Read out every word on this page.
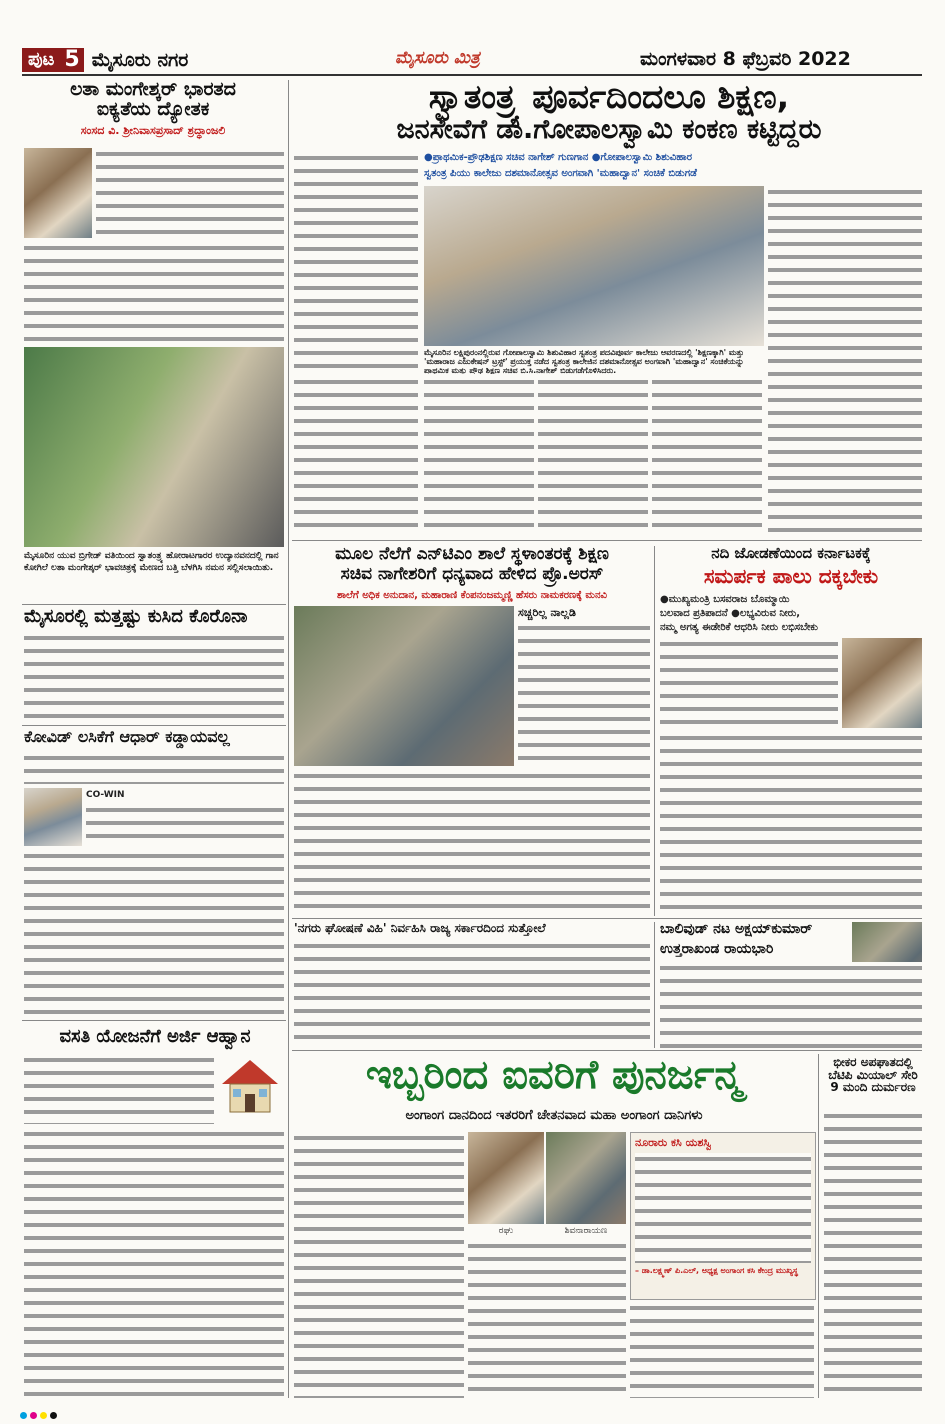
ಪುಟ 5 ಮೈಸೂರು ನಗರ	ಮೈಸೂರು ಮಿತ್ರ	ಮಂಗಳವಾರ 8 ಫೆಬ್ರವರಿ 2022
ಲತಾ ಮಂಗೇಶ್ಕರ್ ಭಾರತದ
ಐಕ್ಯತೆಯ ದ್ಯೋತಕ
ಸಂಸದ ವಿ. ಶ್ರೀನಿವಾಸಪ್ರಸಾದ್ ಶ್ರದ್ಧಾಂಜಲಿ
ಮೈಸೂರಿನ ಯುವ ಬ್ರಿಗೇಡ್ ವತಿಯಿಂದ ಸ್ವಾತಂತ್ರ್ಯ ಹೋರಾಟಗಾರರ ಉದ್ಯಾನವನದಲ್ಲಿ ಗಾನ ಕೋಗಿಲೆ ಲತಾ ಮಂಗೇಶ್ಕರ್ ಭಾವಚಿತ್ರಕ್ಕೆ ಮೇಣದ ಬತ್ತಿ ಬೆಳಗಿಸಿ ನಮನ ಸಲ್ಲಿಸಲಾಯಿತು.
ಮೈಸೂರಲ್ಲಿ ಮತ್ತಷ್ಟು ಕುಸಿದ ಕೊರೊನಾ
ಕೋವಿಡ್ ಲಸಿಕೆಗೆ ಆಧಾರ್ ಕಡ್ಡಾಯವಲ್ಲ
CO-WIN
ವಸತಿ ಯೋಜನೆಗೆ ಅರ್ಜಿ ಆಹ್ವಾನ
ಸ್ವಾತಂತ್ರ್ಯ ಪೂರ್ವದಿಂದಲೂ ಶಿಕ್ಷಣ,
ಜನಸೇವೆಗೆ ಡಾ.ಗೋಪಾಲಸ್ವಾಮಿ ಕಂಕಣ ಕಟ್ಟಿದ್ದರು
●ಪ್ರಾಥಮಿಕ-ಪ್ರೌಢಶಿಕ್ಷಣ ಸಚಿವ ನಾಗೇಶ್ ಗುಣಗಾನ ●ಗೋಪಾಲಸ್ವಾಮಿ ಶಿಶುವಿಹಾರ
ಸ್ವತಂತ್ರ ಪಿಯು ಕಾಲೇಜು ದಶಮಾನೋತ್ಸವ ಅಂಗವಾಗಿ 'ಮಹಾದ್ವಾನ' ಸಂಚಿಕೆ ಬಿಡುಗಡೆ
ಮೈಸೂರಿನ ಲಕ್ಷ್ಮಿಪುರಂನಲ್ಲಿರುವ ಗೋಪಾಲಸ್ವಾಮಿ ಶಿಶುವಿಹಾರ ಸ್ವತಂತ್ರ ಪದವಿಪೂರ್ವ ಕಾಲೇಜು ಆವರಣದಲ್ಲಿ 'ಶಿಕ್ಷಣಕ್ಕಾಗಿ' ಮತ್ತು 'ಮಹಾರಾಜ ಎಜುಕೇಷನ್ ಟ್ರಸ್ಟ್' ಪ್ರಯುಕ್ತ ನಡೆದ ಸ್ವತಂತ್ರ ಕಾಲೇಜಿನ ದಶಮಾನೋತ್ಸವ ಅಂಗವಾಗಿ 'ಮಹಾದ್ವಾನ' ಸಂಚಿಕೆಯನ್ನು ಪ್ರಾಥಮಿಕ ಮತ್ತು ಪ್ರೌಢ ಶಿಕ್ಷಣ ಸಚಿವ ಬಿ.ಸಿ.ನಾಗೇಶ್ ಬಿಡುಗಡೆಗೊಳಿಸಿದರು.
ಮೂಲ ನೆಲೆಗೆ ಎನ್‌ಟಿಎಂ ಶಾಲೆ ಸ್ಥಳಾಂತರಕ್ಕೆ ಶಿಕ್ಷಣ
ಸಚಿವ ನಾಗೇಶರಿಗೆ ಧನ್ಯವಾದ ಹೇಳಿದ ಪ್ರೊ.ಅರಸ್
ಶಾಲೆಗೆ ಅಧಿಕ ಅನುದಾನ, ಮಹಾರಾಣಿ ಕೆಂಪನಂಜಮ್ಮಣ್ಣಿ ಹೆಸರು ನಾಮಕರಣಕ್ಕೆ ಮನವಿ
ಸಚ್ಚರಿಲ್ಲ ನಾಲ್ಲಡಿ
ನದಿ ಜೋಡಣೆಯಿಂದ ಕರ್ನಾಟಕಕ್ಕೆ
ಸಮರ್ಪಕ ಪಾಲು ದಕ್ಕಬೇಕು
●ಮುಖ್ಯಮಂತ್ರಿ ಬಸವರಾಜ ಬೊಮ್ಮಾಯಿ
ಬಲವಾದ ಪ್ರತಿಪಾದನೆ ●ಲಭ್ಯವಿರುವ ನೀರು,
ನಮ್ಮ ಅಗತ್ಯ ಈಡೇರಿಕೆ ಆಧರಿಸಿ ನೀರು ಲಭಿಸಬೇಕು
'ನಗರು ಘೋಷಣೆ ವಿಹಿ' ನಿರ್ವಹಿಸಿ ರಾಜ್ಯ ಸರ್ಕಾರದಿಂದ ಸುತ್ತೋಲೆ	ಬಾಲಿವುಡ್ ನಟ ಅಕ್ಷಯ್‌ಕುಮಾರ್
ಉತ್ತರಾಖಂಡ ರಾಯಭಾರಿ
ಇಬ್ಬರಿಂದ ಐವರಿಗೆ ಪುನರ್ಜನ್ಮ
ಅಂಗಾಂಗ ದಾನದಿಂದ ಇತರರಿಗೆ ಚೇತನವಾದ ಮಹಾ ಅಂಗಾಂಗ ದಾನಿಗಳು
ರಘು	ಶಿವನಾರಾಯಣ
ನೂರಾರು ಕಸಿ ಯಶಸ್ವಿ
– ಡಾ.ಲಕ್ಷ್ಮಣ್ ಪಿ.ಎಲ್, ಅಧ್ಯಕ್ಷ ಅಂಗಾಂಗ ಕಸಿ ಕೇಂದ್ರ ಮುಖ್ಯಸ್ಥ
ಭೀಕರ ಅಪಘಾತದಲ್ಲಿ ಬೆಟಿಪಿ ಮಿಯಾಲ್ ಸೇರಿ 9 ಮಂದಿ ದುರ್ಮರಣ
